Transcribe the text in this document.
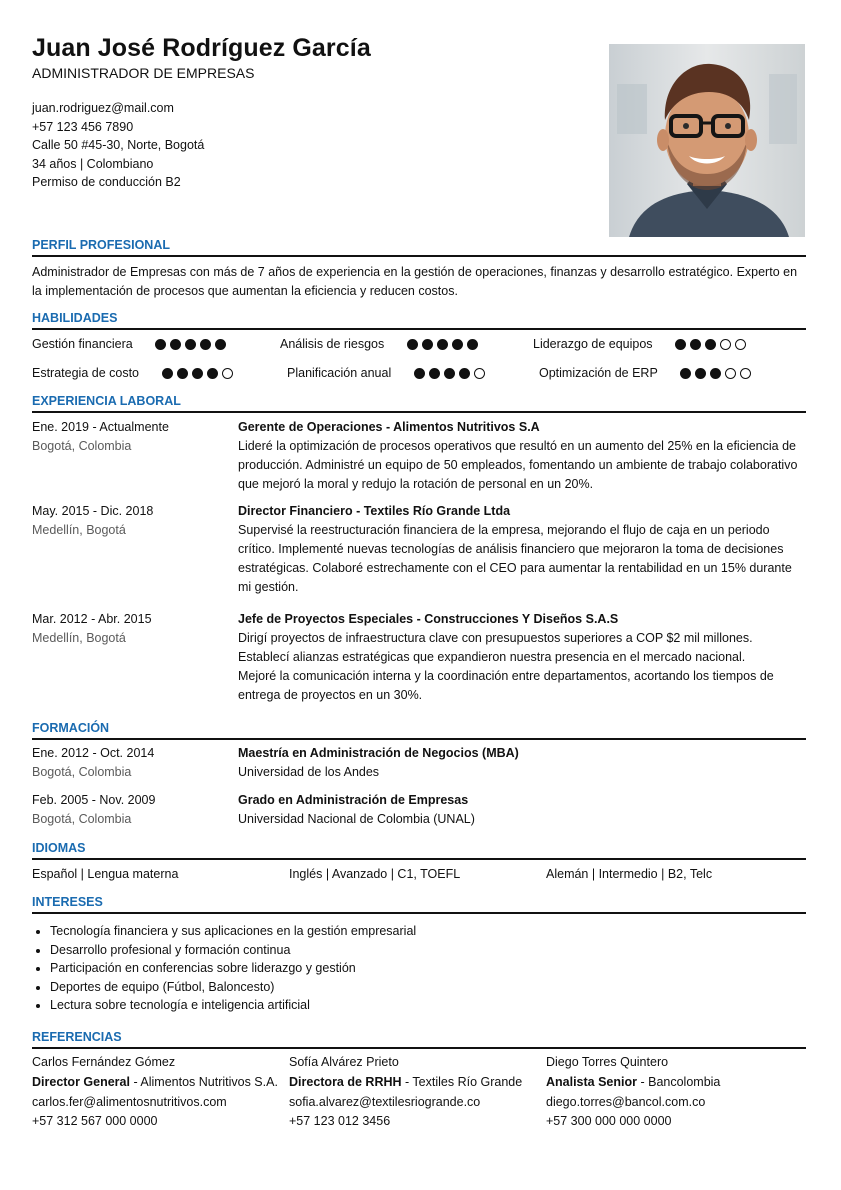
Juan José Rodríguez García
ADMINISTRADOR DE EMPRESAS
juan.rodriguez@mail.com
+57 123 456 7890
Calle 50 #45-30, Norte, Bogotá
34 años | Colombiano
Permiso de conducción B2
PERFIL PROFESIONAL
Administrador de Empresas con más de 7 años de experiencia en la gestión de operaciones, finanzas y desarrollo estratégico. Experto en la implementación de procesos que aumentan la eficiencia y reducen costos.
HABILIDADES
Gestión financiera	Análisis de riesgos	Liderazgo de equipos
Estrategia de costo	Planificación anual	Optimización de ERP
EXPERIENCIA LABORAL
Ene. 2019 - Actualmente
Bogotá, Colombia
Gerente de Operaciones - Alimentos Nutritivos S.A
Lideré la optimización de procesos operativos que resultó en un aumento del 25% en la eficiencia de
producción. Administré un equipo de 50 empleados, fomentando un ambiente de trabajo colaborativo
que mejoró la moral y redujo la rotación de personal en un 20%.
May. 2015 - Dic. 2018
Medellín, Bogotá
Director Financiero - Textiles Río Grande Ltda
Supervisé la reestructuración financiera de la empresa, mejorando el flujo de caja en un periodo
crítico. Implementé nuevas tecnologías de análisis financiero que mejoraron la toma de decisiones
estratégicas. Colaboré estrechamente con el CEO para aumentar la rentabilidad en un 15% durante
mi gestión.
Mar. 2012 - Abr. 2015
Medellín, Bogotá
Jefe de Proyectos Especiales - Construcciones Y Diseños S.A.S
Dirigí proyectos de infraestructura clave con presupuestos superiores a COP $2 mil millones.
Establecí alianzas estratégicas que expandieron nuestra presencia en el mercado nacional.
Mejoré la comunicación interna y la coordinación entre departamentos, acortando los tiempos de
entrega de proyectos en un 30%.
FORMACIÓN
Ene. 2012 - Oct. 2014
Bogotá, Colombia
Maestría en Administración de Negocios (MBA)
Universidad de los Andes
Feb. 2005 - Nov. 2009
Bogotá, Colombia
Grado en Administración de Empresas
Universidad Nacional de Colombia (UNAL)
IDIOMAS
Español | Lengua materna	Inglés | Avanzado | C1, TOEFL	Alemán | Intermedio | B2, Telc
INTERESES
• Tecnología financiera y sus aplicaciones en la gestión empresarial
• Desarrollo profesional y formación continua
• Participación en conferencias sobre liderazgo y gestión
• Deportes de equipo (Fútbol, Baloncesto)
• Lectura sobre tecnología e inteligencia artificial
REFERENCIAS
Carlos Fernández Gómez
Director General - Alimentos Nutritivos S.A.
carlos.fer@alimentosnutritivos.com
+57 312 567 000 0000
Sofía Alvárez Prieto
Directora de RRHH - Textiles Río Grande
sofia.alvarez@textilesriogrande.co
+57 123 012 3456
Diego Torres Quintero
Analista Senior - Bancolombia
diego.torres@bancol.com.co
+57 300 000 000 0000
